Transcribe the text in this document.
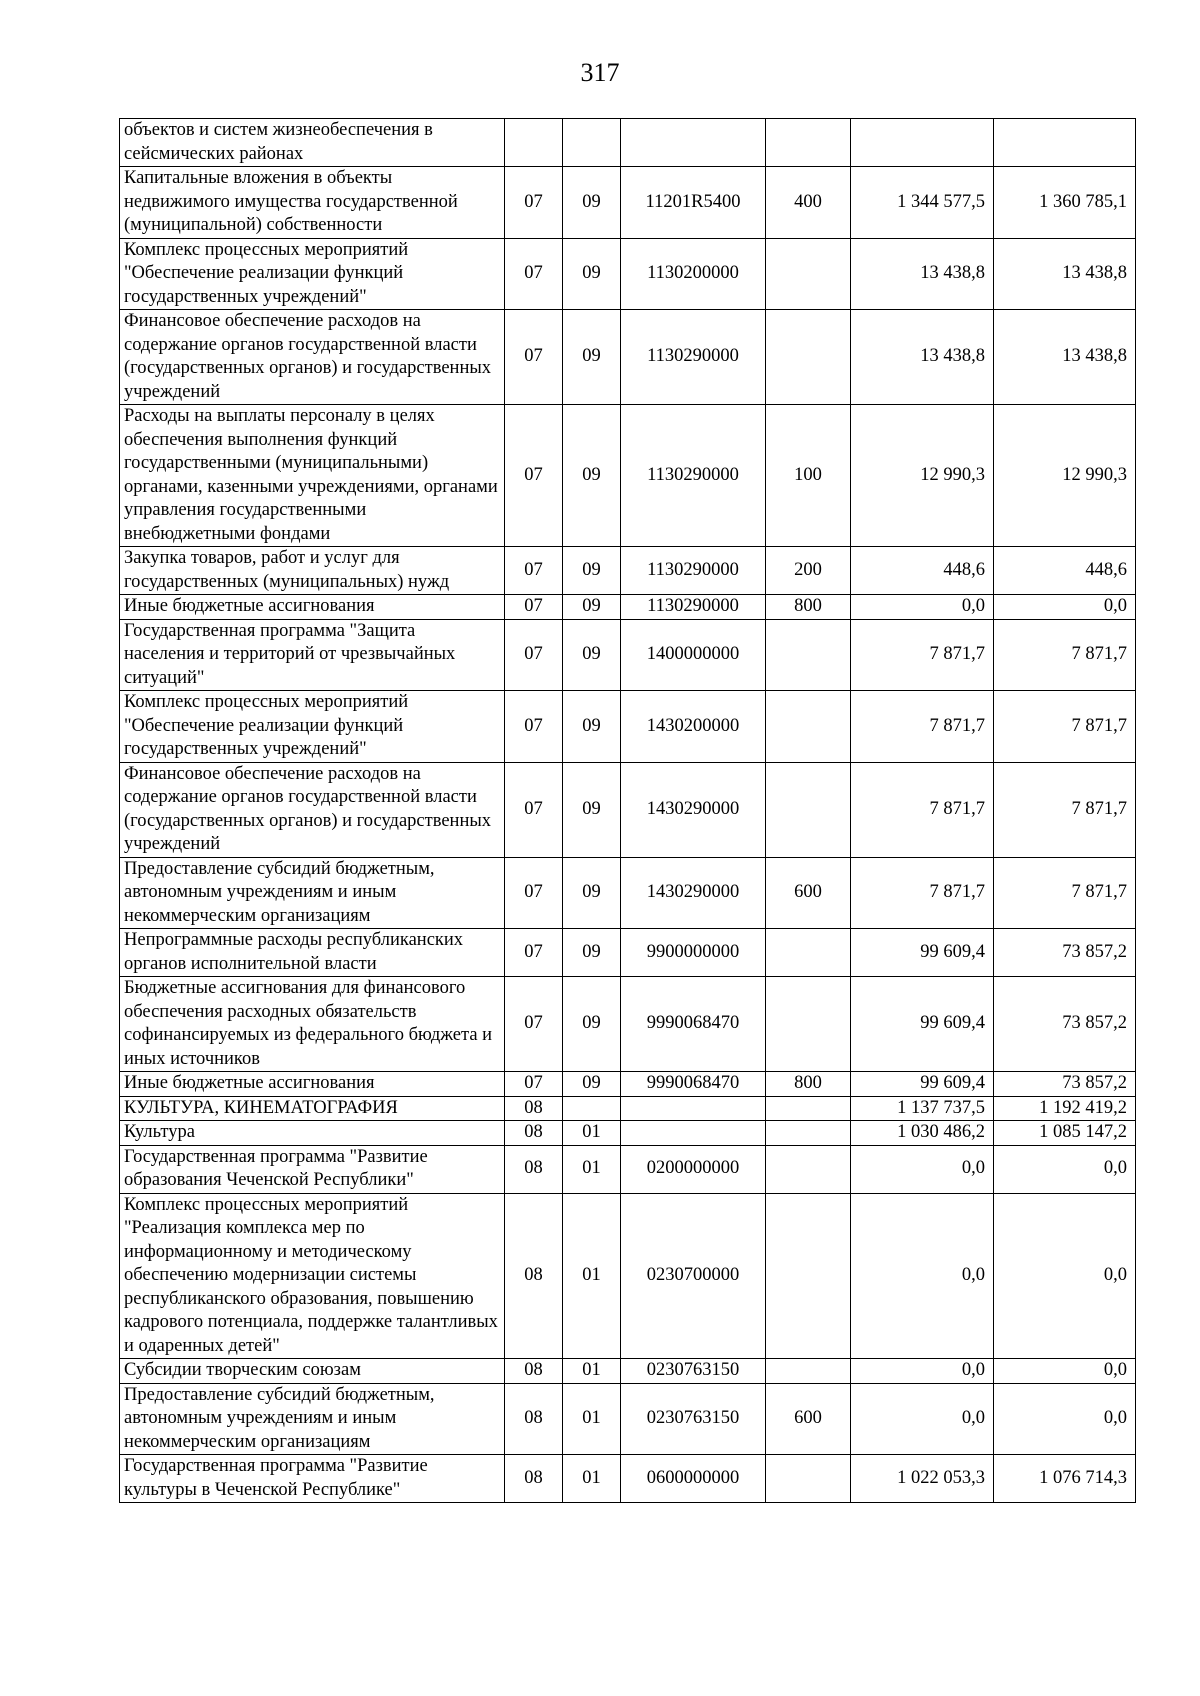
317
объектов и систем жизнеобеспечения в сейсмических районах						
Капитальные вложения в объекты недвижимого имущества государственной (муниципальной) собственности	07	09	11201R5400	400	1 344 577,5	1 360 785,1
Комплекс процессных мероприятий "Обеспечение реализации функций государственных учреждений"	07	09	1130200000		13 438,8	13 438,8
Финансовое обеспечение расходов на содержание органов государственной власти (государственных органов) и государственных учреждений	07	09	1130290000		13 438,8	13 438,8
Расходы на выплаты персоналу в целях обеспечения выполнения функций государственными (муниципальными) органами, казенными учреждениями, органами управления государственными внебюджетными фондами	07	09	1130290000	100	12 990,3	12 990,3
Закупка товаров, работ и услуг для государственных (муниципальных) нужд	07	09	1130290000	200	448,6	448,6
Иные бюджетные ассигнования	07	09	1130290000	800	0,0	0,0
Государственная программа "Защита населения и территорий от чрезвычайных ситуаций"	07	09	1400000000		7 871,7	7 871,7
Комплекс процессных мероприятий "Обеспечение реализации функций государственных учреждений"	07	09	1430200000		7 871,7	7 871,7
Финансовое обеспечение расходов на содержание органов государственной власти (государственных органов) и государственных учреждений	07	09	1430290000		7 871,7	7 871,7
Предоставление субсидий бюджетным, автономным учреждениям и иным некоммерческим организациям	07	09	1430290000	600	7 871,7	7 871,7
Непрограммные расходы республиканских органов исполнительной власти	07	09	9900000000		99 609,4	73 857,2
Бюджетные ассигнования для финансового обеспечения расходных обязательств софинансируемых из федерального бюджета и иных источников	07	09	9990068470		99 609,4	73 857,2
Иные бюджетные ассигнования	07	09	9990068470	800	99 609,4	73 857,2
КУЛЬТУРА, КИНЕМАТОГРАФИЯ	08				1 137 737,5	1 192 419,2
Культура	08	01			1 030 486,2	1 085 147,2
Государственная программа "Развитие образования Чеченской Республики"	08	01	0200000000		0,0	0,0
Комплекс процессных мероприятий "Реализация комплекса мер по информационному и методическому обеспечению модернизации системы республиканского образования, повышению кадрового потенциала, поддержке талантливых и одаренных детей"	08	01	0230700000		0,0	0,0
Субсидии творческим союзам	08	01	0230763150		0,0	0,0
Предоставление субсидий бюджетным, автономным учреждениям и иным некоммерческим организациям	08	01	0230763150	600	0,0	0,0
Государственная программа "Развитие культуры в Чеченской Республике"	08	01	0600000000		1 022 053,3	1 076 714,3
